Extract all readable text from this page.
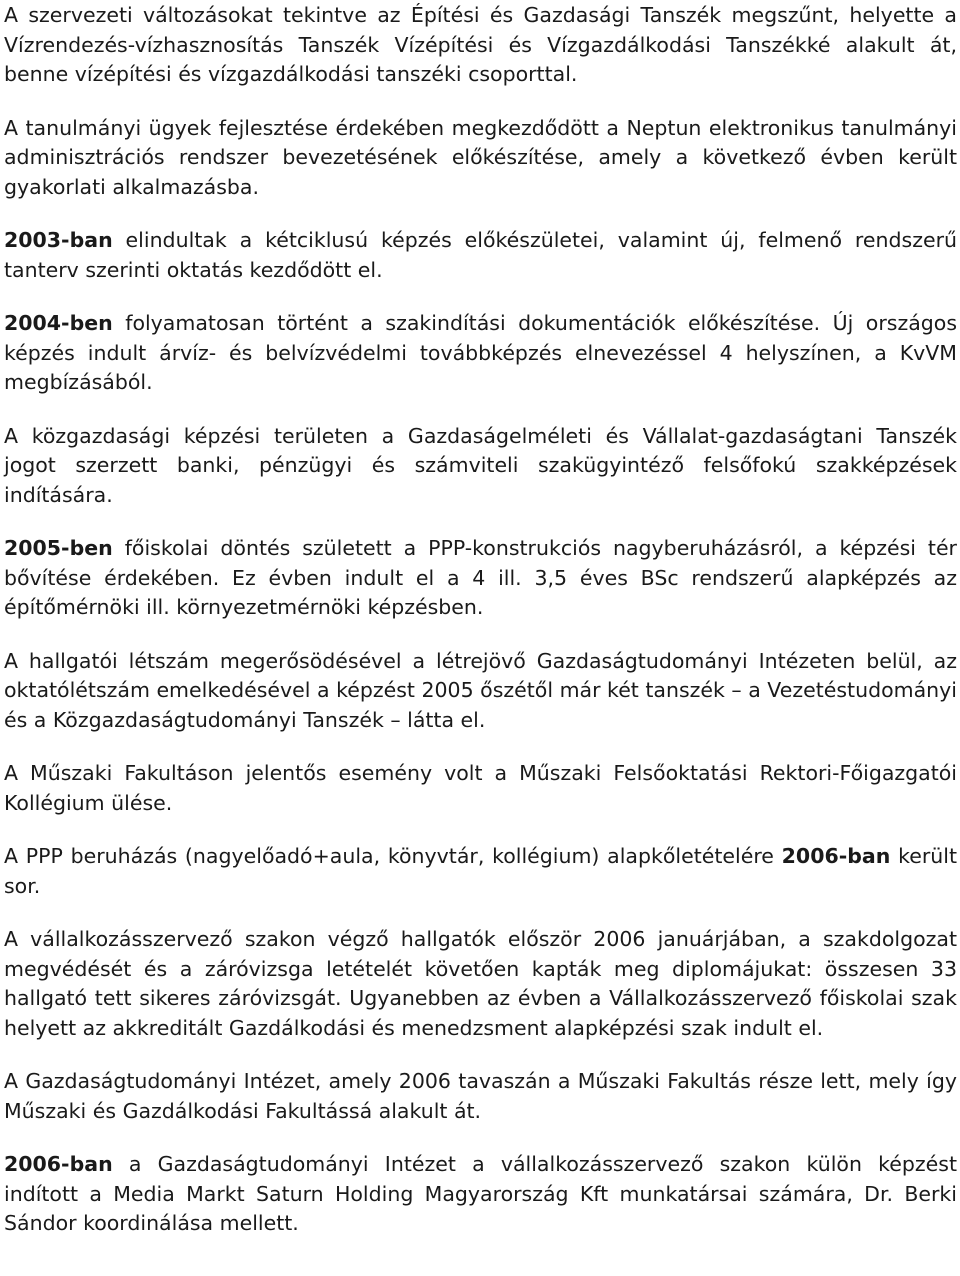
A szervezeti változásokat tekintve az Építési és Gazdasági Tanszék megszűnt, helyette a Vízrendezés-vízhasznosítás Tanszék Vízépítési és Vízgazdálkodási Tanszékké alakult át, benne vízépítési és vízgazdálkodási tanszéki csoporttal.

A tanulmányi ügyek fejlesztése érdekében megkezdődött a Neptun elektronikus tanulmányi adminisztrációs rendszer bevezetésének előkészítése, amely a következő évben került gyakorlati alkalmazásba.

2003-ban elindultak a kétciklusú képzés előkészületei, valamint új, felmenő rendszerű tanterv szerinti oktatás kezdődött el.

2004-ben folyamatosan történt a szakindítási dokumentációk előkészítése. Új országos képzés indult árvíz- és belvízvédelmi továbbképzés elnevezéssel 4 helyszínen, a KvVM megbízásából.

A közgazdasági képzési területen a Gazdaságelméleti és Vállalat-gazdaságtani Tanszék jogot szerzett banki, pénzügyi és számviteli szakügyintéző felsőfokú szakképzések indítására.

2005-ben főiskolai döntés született a PPP-konstrukciós nagyberuházásról, a képzési tér bővítése érdekében. Ez évben indult el a 4 ill. 3,5 éves BSc rendszerű alapképzés az építőmérnöki ill. környezetmérnöki képzésben.

A hallgatói létszám megerősödésével a létrejövő Gazdaságtudományi Intézeten belül, az oktatólétszám emelkedésével a képzést 2005 őszétől már két tanszék – a Vezetéstudományi és a Közgazdaságtudományi Tanszék – látta el.

A Műszaki Fakultáson jelentős esemény volt a Műszaki Felsőoktatási Rektori-Főigazgatói Kollégium ülése.

A PPP beruházás (nagyelőadó+aula, könyvtár, kollégium) alapkőletételére 2006-ban került sor.

A vállalkozásszervező szakon végző hallgatók először 2006 januárjában, a szakdolgozat megvédését és a záróvizsga letételét követően kapták meg diplomájukat: összesen 33 hallgató tett sikeres záróvizsgát. Ugyanebben az évben a Vállalkozásszervező főiskolai szak helyett az akkreditált Gazdálkodási és menedzsment alapképzési szak indult el.

A Gazdaságtudományi Intézet, amely 2006 tavaszán a Műszaki Fakultás része lett, mely így Műszaki és Gazdálkodási Fakultássá alakult át.

2006-ban a Gazdaságtudományi Intézet a vállalkozásszervező szakon külön képzést indított a Media Markt Saturn Holding Magyarország Kft munkatársai számára, Dr. Berki Sándor koordinálása mellett.
